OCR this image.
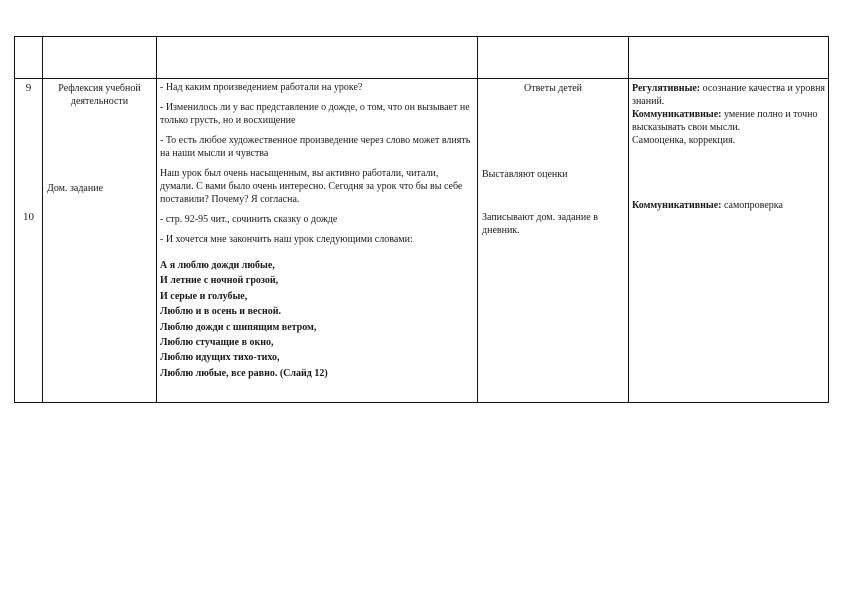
9
10
Рефлексия учебной деятельности
Дом. задание

- Над каким произведением работали на уроке?

- Изменилось ли у вас представление о дожде, о том, что он вызывает не только грусть, но и восхищение

- То есть любое художественное произведение через слово может влиять на наши мысли и чувства

Наш урок был очень насыщенным, вы активно работали, читали, думали. С вами было очень интересно. Сегодня за урок что бы вы себе поставили? Почему? Я согласна.

- стр. 92-95 чит., сочинить сказку о дожде

- И хочется мне закончить наш урок следующими словами:

А я люблю дожди любые,

И летние с ночной грозой,

И серые и голубые,

Люблю и в осень и весной.

Люблю дожди с шипящим ветром,

Люблю стучащие в окно,

Люблю идущих тихо-тихо,

Люблю любые, все равно. (Слайд 12)

Ответы детей
Выставляют оценки
Записывают дом. задание в дневник.
Регулятивные: осознание качества и уровня знаний.
Коммуникативные: умение полно и точно высказывать свои мысли.
Самооценка, коррекция.
Коммуникативные: самопроверка
